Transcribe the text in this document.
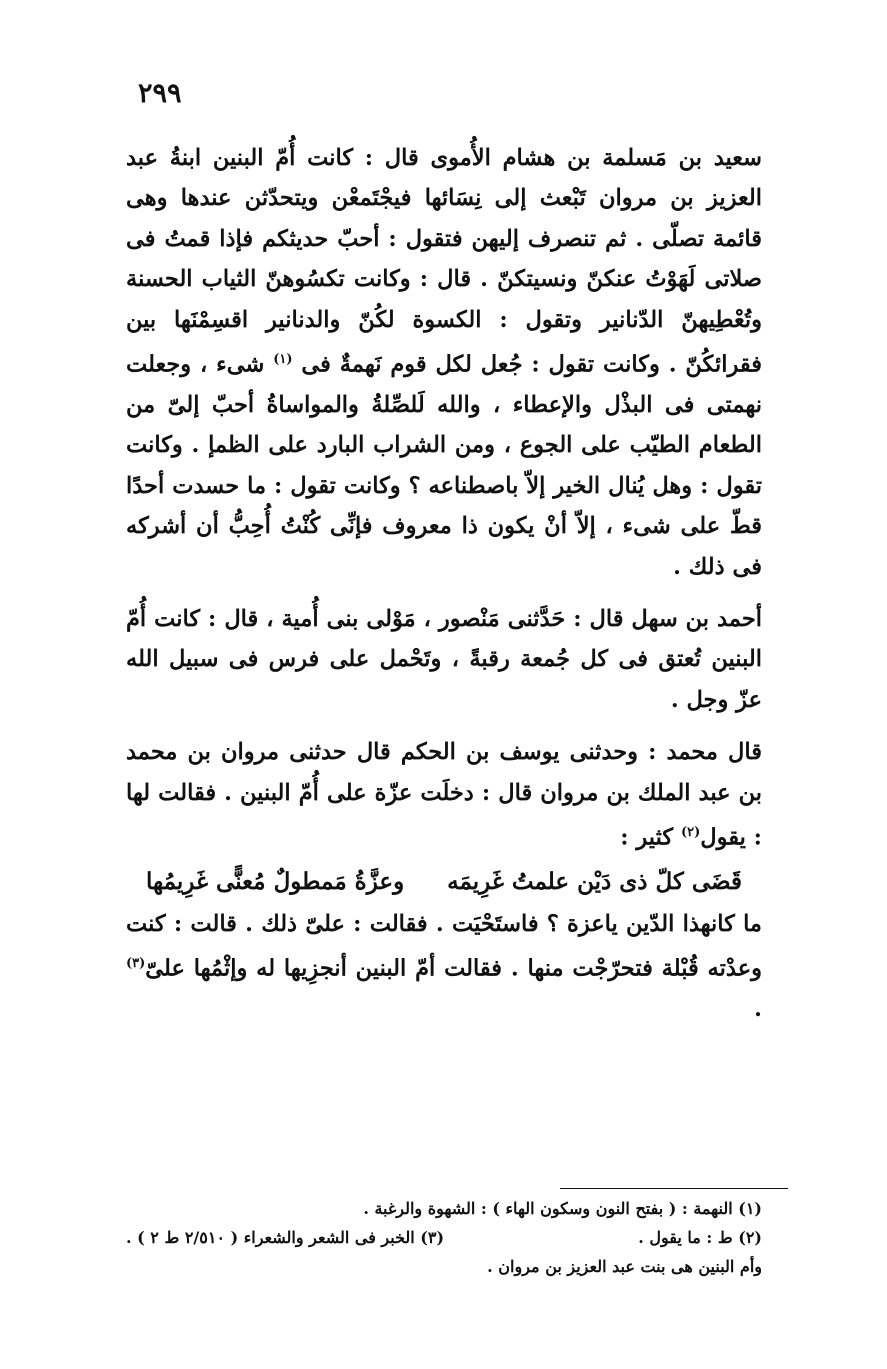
٢٩٩

سعيد بن مَسلمة بن هشام الأُموى قال : كانت أُمّ البنين ابنةُ عبد العزيز بن مروان تَبْعث إلى نِسَائها فيجْتَمعْن ويتحدّثن عندها وهى قائمة تصلّى . ثم تنصرف إليهن فتقول : أحبّ حديثكم فإذا قمتُ فى صلاتى لَهَوْتُ عنكنّ ونسيتكنّ . قال : وكانت تكسُوهنّ الثياب الحسنة وتُعْطِيهنّ الدّنانير وتقول : الكسوة لكُنّ والدنانير اقسِمْنَها بين فقرائكُنّ . وكانت تقول : جُعل لكل قوم نَهمةٌ فى $^{(١)}$ شىء ، وجعلت نهمتى فى البذْل والإعطاء ، والله لَلصِّلةُ والمواساةُ أحبّ إلىّ من الطعام الطيّب على الجوع ، ومن الشراب البارد على الظمإ . وكانت تقول : وهل يُنال الخير إلاّ باصطناعه ؟ وكانت تقول : ما حسدت أحدًا قطّ على شىء ، إلاّ أنْ يكون ذا معروف فإنِّى كُنْتُ أُحِبُّ أن أشركه فى ذلك .

أحمد بن سهل قال : حَدَّثنى مَنْصور ، مَوْلى بنى أُمية ، قال : كانت أُمّ البنين تُعتق فى كل جُمعة رقبةً ، وتَحْمل على فرس فى سبيل الله عزّ وجل .

قال محمد : وحدثنى يوسف بن الحكم قال حدثنى مروان بن محمد بن عبد الملك بن مروان قال : دخلَت عزّة على أُمّ البنين . فقالت لها : يقول$^{(٢)}$ كثير :

قَضَى كلّ ذى دَيْن علمتُ غَرِيمَه
وعزَّةُ مَمطولٌ مُعنًّى غَرِيمُها

ما كانهذا الدّين ياعزة ؟ فاستَحْيَت . فقالت : علىّ ذلك . قالت : كنت وعدْته قُبْلة فتحرّجْت منها . فقالت أمّ البنين أنجزِيها له وإثْمُها علىّ$^{(٣)}$ .

(١) النهمة : ( بفتح النون وسكون الهاء ) : الشهوة والرغبة .
(٢) ط : ما يقول .
(٣) الخبر فى الشعر والشعراء ( ٢/٥١٠ ط ٢ ) .
وأم البنين هى بنت عبد العزيز بن مروان .
